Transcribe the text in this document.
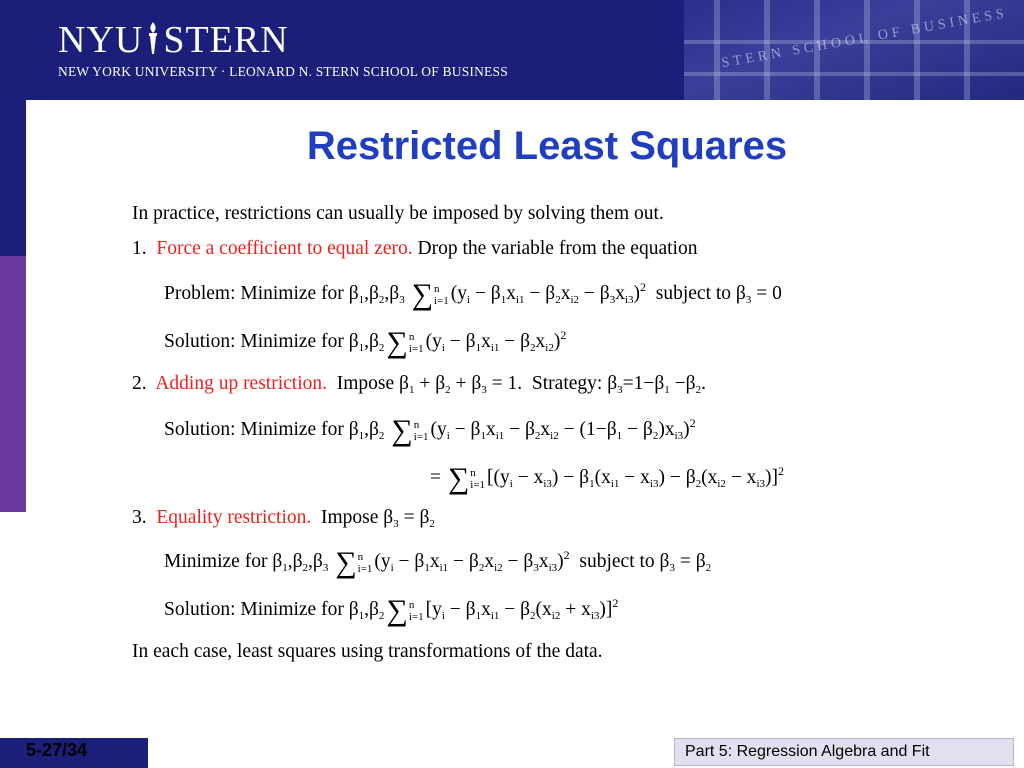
STERN SCHOOL OF BUSINESS
NYU STERN
NEW YORK UNIVERSITY · LEONARD N. STERN SCHOOL OF BUSINESS
Restricted Least Squares
In practice, restrictions can usually be imposed by solving them out.
1. Force a coefficient to equal zero. Drop the variable from the equation
Problem: Minimize for $\beta_1,\beta_2,\beta_3$ ∑ n
i=1 $(y_i - \beta_1x_{i1} - \beta_2x_{i2} - \beta_3x_{i3})^2$ subject to $\beta_3 = 0$
Solution: Minimize for $\beta_1,\beta_2$ ∑ n
i=1 $(y_i - \beta_1x_{i1} - \beta_2x_{i2})^2$
2. Adding up restriction. Impose $\beta_1 + \beta_2 + \beta_3 = 1$.  Strategy: $\beta_3=1-\beta_1 -\beta_2$.
Solution: Minimize for $\beta_1,\beta_2$ ∑ n
i=1 $(y_i - \beta_1x_{i1} - \beta_2x_{i2} - (1-\beta_1 - \beta_2)x_{i3})^2$
= ∑ n
i=1 $[(y_i - x_{i3}) - \beta_1(x_{i1} - x_{i3}) - \beta_2(x_{i2} - x_{i3})]^2$
3. Equality restriction. Impose $\beta_3 = \beta_2$
Minimize for $\beta_1,\beta_2,\beta_3$ ∑ n
i=1 $(y_i - \beta_1x_{i1} - \beta_2x_{i2} - \beta_3x_{i3})^2$ subject to $\beta_3 = \beta_2$
Solution: Minimize for $\beta_1,\beta_2$ ∑ n
i=1 $[y_i - \beta_1x_{i1} - \beta_2(x_{i2} + x_{i3})]^2$
In each case, least squares using transformations of the data.
5-27/34	Part 5: Regression Algebra and Fit
